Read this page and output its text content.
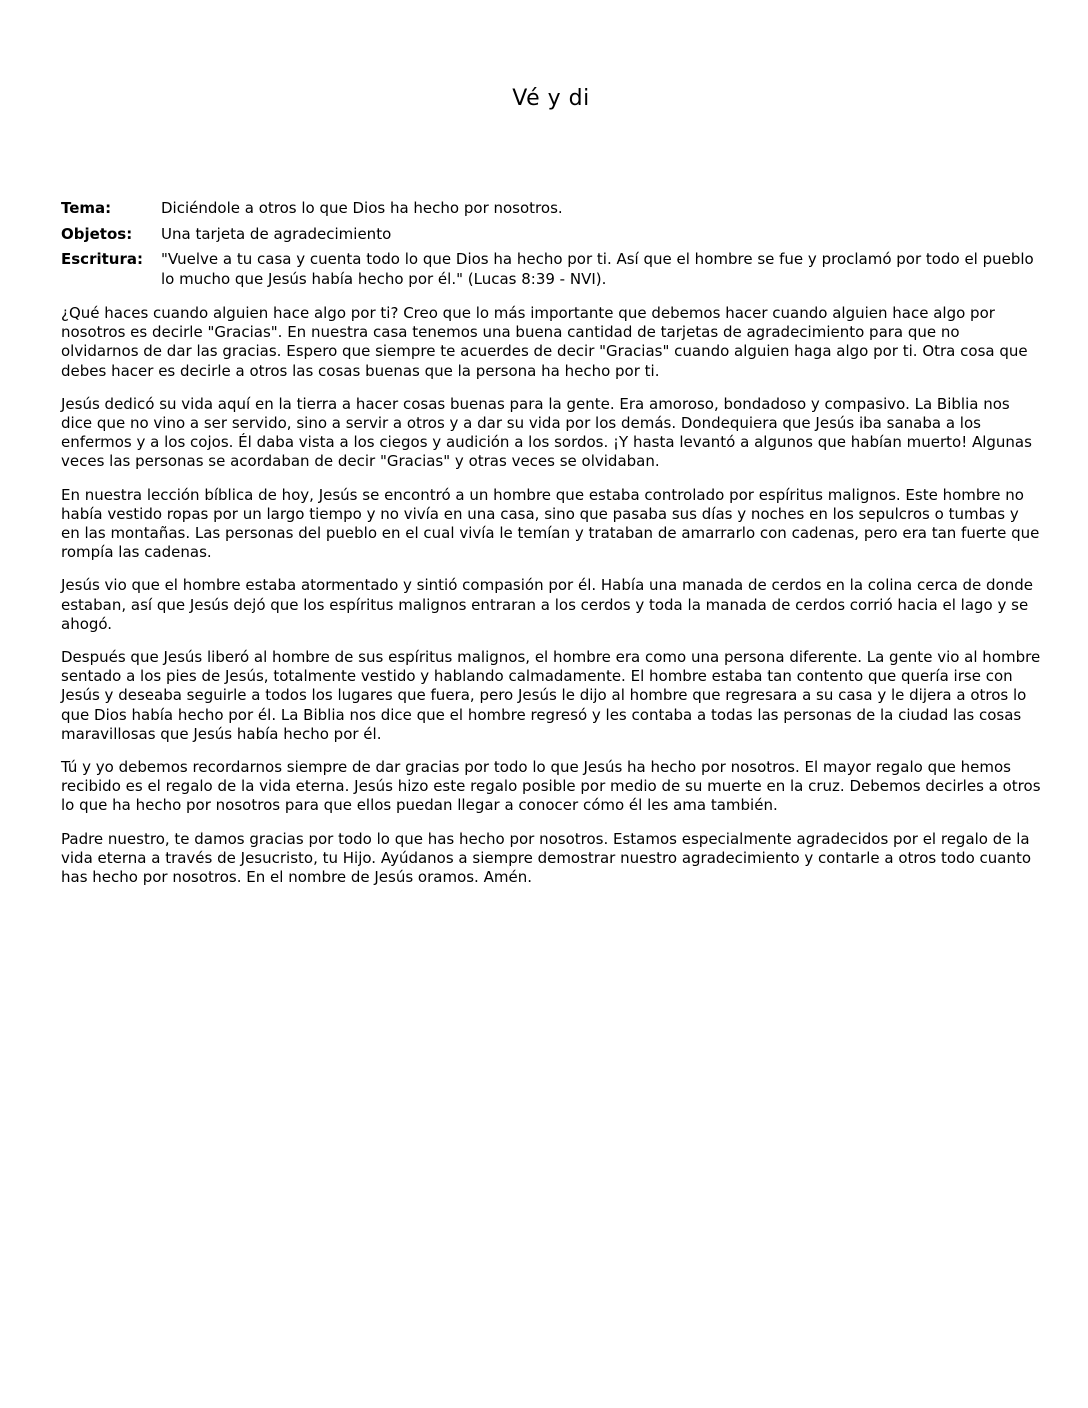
Vé y di
Tema:	Diciéndole a otros lo que Dios ha hecho por nosotros.
Objetos:	Una tarjeta de agradecimiento
Escritura:	"Vuelve a tu casa y cuenta todo lo que Dios ha hecho por ti. Así que el hombre se fue y proclamó por todo el pueblo lo mucho que Jesús había hecho por él." (Lucas 8:39 - NVI).

¿Qué haces cuando alguien hace algo por ti? Creo que lo más importante que debemos hacer cuando alguien hace algo por nosotros es decirle "Gracias". En nuestra casa tenemos una buena cantidad de tarjetas de agradecimiento para que no olvidarnos de dar las gracias. Espero que siempre te acuerdes de decir "Gracias" cuando alguien haga algo por ti. Otra cosa que debes hacer es decirle a otros las cosas buenas que la persona ha hecho por ti.

Jesús dedicó su vida aquí en la tierra a hacer cosas buenas para la gente. Era amoroso, bondadoso y compasivo. La Biblia nos dice que no vino a ser servido, sino a servir a otros y a dar su vida por los demás. Dondequiera que Jesús iba sanaba a los enfermos y a los cojos. Él daba vista a los ciegos y audición a los sordos. ¡Y hasta levantó a algunos que habían muerto! Algunas veces las personas se acordaban de decir "Gracias" y otras veces se olvidaban.

En nuestra lección bíblica de hoy, Jesús se encontró a un hombre que estaba controlado por espíritus malignos. Este hombre no había vestido ropas por un largo tiempo y no vivía en una casa, sino que pasaba sus días y noches en los sepulcros o tumbas y en las montañas. Las personas del pueblo en el cual vivía le temían y trataban de amarrarlo con cadenas, pero era tan fuerte que rompía las cadenas.

Jesús vio que el hombre estaba atormentado y sintió compasión por él. Había una manada de cerdos en la colina cerca de donde estaban, así que Jesús dejó que los espíritus malignos entraran a los cerdos y toda la manada de cerdos corrió hacia el lago y se ahogó.

Después que Jesús liberó al hombre de sus espíritus malignos, el hombre era como una persona diferente. La gente vio al hombre sentado a los pies de Jesús, totalmente vestido y hablando calmadamente. El hombre estaba tan contento que quería irse con Jesús y deseaba seguirle a todos los lugares que fuera, pero Jesús le dijo al hombre que regresara a su casa y le dijera a otros lo que Dios había hecho por él. La Biblia nos dice que el hombre regresó y les contaba a todas las personas de la ciudad las cosas maravillosas que Jesús había hecho por él.

Tú y yo debemos recordarnos siempre de dar gracias por todo lo que Jesús ha hecho por nosotros. El mayor regalo que hemos recibido es el regalo de la vida eterna. Jesús hizo este regalo posible por medio de su muerte en la cruz. Debemos decirles a otros lo que ha hecho por nosotros para que ellos puedan llegar a conocer cómo él les ama también.

Padre nuestro, te damos gracias por todo lo que has hecho por nosotros. Estamos especialmente agradecidos por el regalo de la vida eterna a través de Jesucristo, tu Hijo. Ayúdanos a siempre demostrar nuestro agradecimiento y contarle a otros todo cuanto has hecho por nosotros. En el nombre de Jesús oramos. Amén.
